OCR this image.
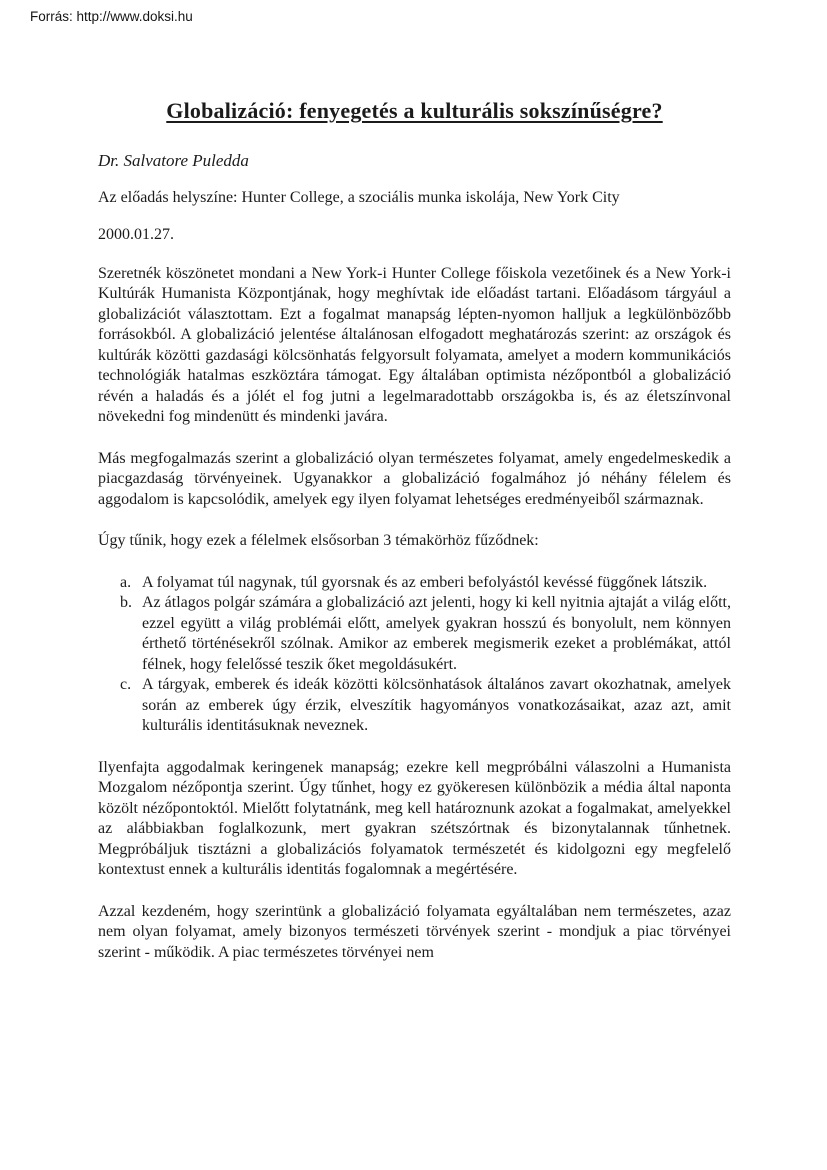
Forrás: http://www.doksi.hu
Globalizáció: fenyegetés a kulturális sokszínűségre?

Dr. Salvatore Puledda

Az előadás helyszíne: Hunter College, a szociális munka iskolája, New York City

2000.01.27.

Szeretnék köszönetet mondani a New York-i Hunter College főiskola vezetőinek és a New York-i Kultúrák Humanista Központjának, hogy meghívtak ide előadást tartani. Előadásom tárgyául a globalizációt választottam. Ezt a fogalmat manapság lépten-nyomon halljuk a legkülönbözőbb forrásokból. A globalizáció jelentése általánosan elfogadott meghatározás szerint: az országok és kultúrák közötti gazdasági kölcsönhatás felgyorsult folyamata, amelyet a modern kommunikációs technológiák hatalmas eszköztára támogat. Egy általában optimista nézőpontból a globalizáció révén a haladás és a jólét el fog jutni a legelmaradottabb országokba is, és az életszínvonal növekedni fog mindenütt és mindenki javára.

Más megfogalmazás szerint a globalizáció olyan természetes folyamat, amely engedelmeskedik a piacgazdaság törvényeinek. Ugyanakkor a globalizáció fogalmához jó néhány félelem és aggodalom is kapcsolódik, amelyek egy ilyen folyamat lehetséges eredményeiből származnak.

Úgy tűnik, hogy ezek a félelmek elsősorban 3 témakörhöz fűződnek:

a. A folyamat túl nagynak, túl gyorsnak és az emberi befolyástól kevéssé függőnek látszik.
b. Az átlagos polgár számára a globalizáció azt jelenti, hogy ki kell nyitnia ajtaját a világ előtt, ezzel együtt a világ problémái előtt, amelyek gyakran hosszú és bonyolult, nem könnyen érthető történésekről szólnak. Amikor az emberek megismerik ezeket a problémákat, attól félnek, hogy felelőssé teszik őket megoldásukért.
c. A tárgyak, emberek és ideák közötti kölcsönhatások általános zavart okozhatnak, amelyek során az emberek úgy érzik, elveszítik hagyományos vonatkozásaikat, azaz azt, amit kulturális identitásuknak neveznek.

Ilyenfajta aggodalmak keringenek manapság; ezekre kell megpróbálni válaszolni a Humanista Mozgalom nézőpontja szerint. Úgy tűnhet, hogy ez gyökeresen különbözik a média által naponta közölt nézőpontoktól. Mielőtt folytatnánk, meg kell határoznunk azokat a fogalmakat, amelyekkel az alábbiakban foglalkozunk, mert gyakran szétszórtnak és bizonytalannak tűnhetnek. Megpróbáljuk tisztázni a globalizációs folyamatok természetét és kidolgozni egy megfelelő kontextust ennek a kulturális identitás fogalomnak a megértésére.

Azzal kezdeném, hogy szerintünk a globalizáció folyamata egyáltalában nem természetes, azaz nem olyan folyamat, amely bizonyos természeti törvények szerint - mondjuk a piac törvényei szerint - működik. A piac természetes törvényei nem
